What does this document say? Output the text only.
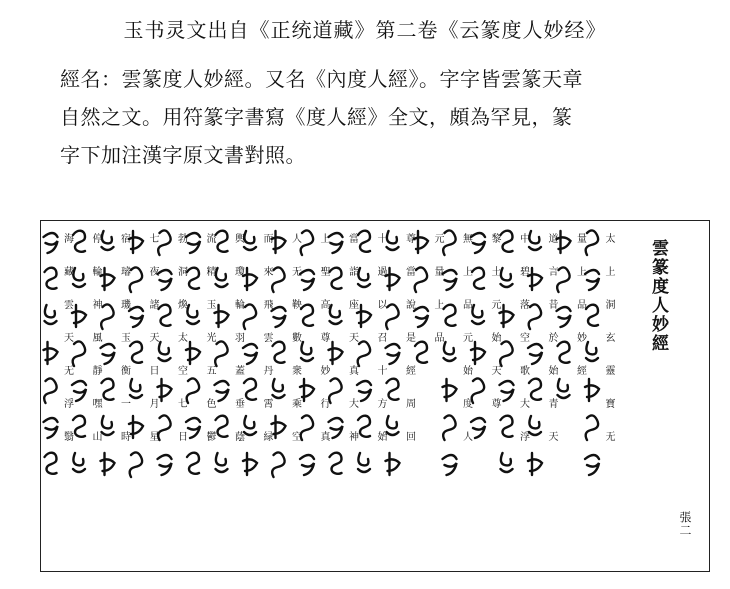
玉书灵文出自《正统道藏》第二卷《云篆度人妙经》

經名：雲篆度人妙經。又名《內度人經》。字字皆雲篆天章

自然之文。用符篆字書寫《度人經》全文，頗為罕見，篆

字下加注漢字原文書對照。

雲篆度人妙經
張二
太上洞玄靈寶无
量上品妙經
道言昔於始青天
中碧落空歌大浮
黎土元始天尊
無上品元始度人
元量上品
尊當說是經周回
十過以召十方始
當詣座天真大神
上聖高尊妙行真
人无鞅數衆乘空
而來飛雲丹霄緑
輿瓊輪羽蓋垂蔭
流精玉光五色鬱
勃洞煥太空七日
七夜諸天日月星
宿璿璣玉衡一時
停輪神風靜嘿山
海藏雲天无浮翳
